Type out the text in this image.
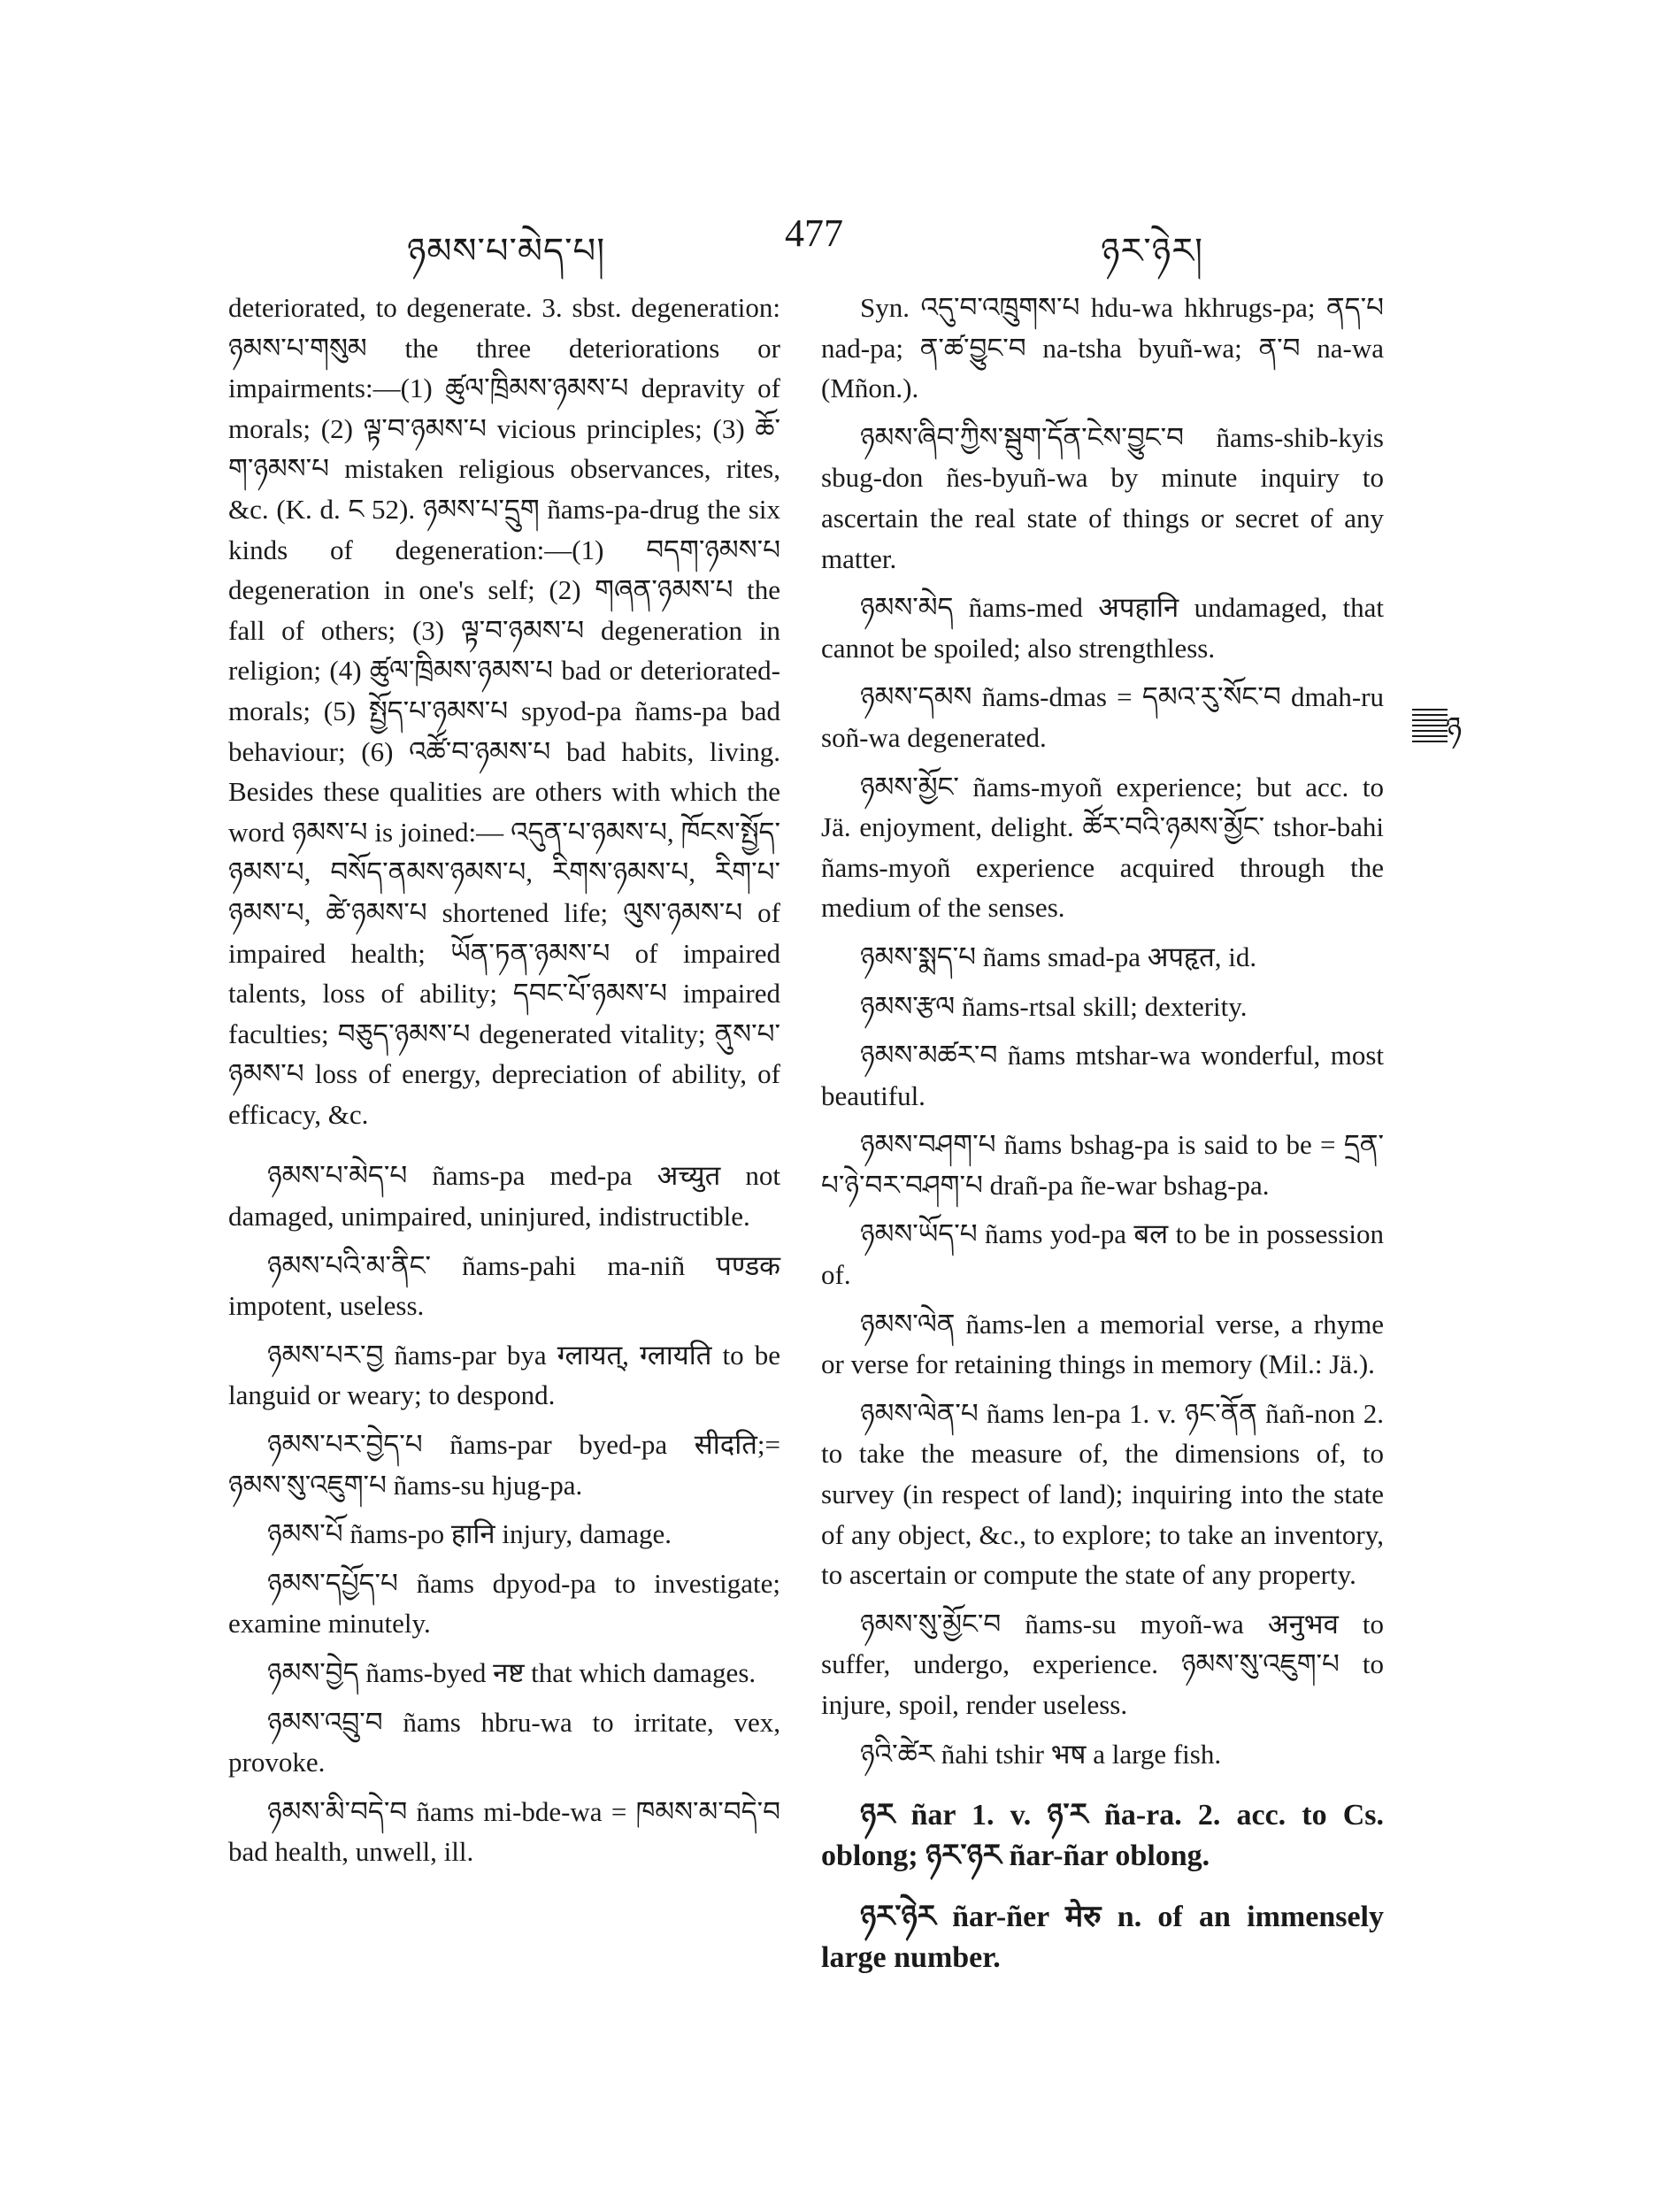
ཉམས་པ་མེད་པ།	477	ཉར་ཉེར།

deteriorated, to degenerate. 3. sbst. degeneration: ཉམས་པ་གསུམ the three deteriorations or impairments:—(1) ཚུལ་ཁྲིམས་ཉམས་པ depravity of morals; (2) ལྟ་བ་ཉམས་པ vicious principles; (3) ཆོ་ག་ཉམས་པ mistaken religious observances, rites, &c. (K. d. ང 52). ཉམས་པ་དྲུག ñams-pa-drug the six kinds of degeneration:—(1) བདག་ཉམས་པ degeneration in one's self; (2) གཞན་ཉམས་པ the fall of others; (3) ལྟ་བ་ཉམས་པ degeneration in religion; (4) ཚུལ་ཁྲིམས་ཉམས་པ bad or deteriorated-morals; (5) སྤྱོད་པ་ཉམས་པ spyod-pa ñams-pa bad behaviour; (6) འཚོ་བ་ཉམས་པ bad habits, living. Besides these qualities are others with which the word ཉམས་པ is joined:— འདུན་པ་ཉམས་པ, ཁོངས་སྤྱོད་ཉམས་པ, བསོད་ནམས་ཉམས་པ, རིགས་ཉམས་པ, རིག་པ་ཉམས་པ, ཚེ་ཉམས་པ shortened life; ལུས་ཉམས་པ of impaired health; ཡོན་ཏན་ཉམས་པ of impaired talents, loss of ability; དབང་པོ་ཉམས་པ impaired faculties; བཅུད་ཉམས་པ degenerated vitality; ནུས་པ་ཉམས་པ loss of energy, depreciation of ability, of efficacy, &c.

ཉམས་པ་མེད་པ ñams-pa med-pa अच्युत not damaged, unimpaired, uninjured, indistructible.

ཉམས་པའི་མ་ནིང་ ñams-pahi ma-niñ पण्डक impotent, useless.

ཉམས་པར་བྱ ñams-par bya ग्लायत्, ग्लायति to be languid or weary; to despond.

ཉམས་པར་བྱེད་པ ñams-par byed-pa सीदति;= ཉམས་སུ་འཇུག་པ ñams-su hjug-pa.

ཉམས་པོ ñams-po हानि injury, damage.

ཉམས་དཔྱོད་པ ñams dpyod-pa to investigate; examine minutely.

ཉམས་བྱེད ñams-byed नष्ट that which damages.

ཉམས་འབྲུ་བ ñams hbru-wa to irritate, vex, provoke.

ཉམས་མི་བདེ་བ ñams mi-bde-wa = ཁམས་མ་བདེ་བ bad health, unwell, ill.

Syn. འདུ་བ་འཁྲུགས་པ hdu-wa hkhrugs-pa; ནད་པ nad-pa; ན་ཚ་བྱུང་བ na-tsha byuñ-wa; ན་བ na-wa (Mñon.).

ཉམས་ཞིབ་ཀྱིས་སྦུག་དོན་ངེས་བྱུང་བ ñams-shib-kyis sbug-don ñes-byuñ-wa by minute inquiry to ascertain the real state of things or secret of any matter.

ཉམས་མེད ñams-med अपहानि undamaged, that cannot be spoiled; also strengthless.

ཉམས་དམས ñams-dmas = དམའ་རུ་སོང་བ dmah-ru soñ-wa degenerated.

ཉམས་མྱོང་ ñams-myoñ experience; but acc. to Jä. enjoyment, delight. ཚོར་བའི་ཉམས་མྱོང་ tshor-bahi ñams-myoñ experience acquired through the medium of the senses.

ཉམས་སྨད་པ ñams smad-pa अपहृत, id.

ཉམས་རྩལ ñams-rtsal skill; dexterity.

ཉམས་མཚར་བ ñams mtshar-wa wonderful, most beautiful.

ཉམས་བཤག་པ ñams bshag-pa is said to be = དྲན་པ་ཉེ་བར་བཤག་པ drañ-pa ñe-war bshag-pa.

ཉམས་ཡོད་པ ñams yod-pa बल to be in possession of.

ཉམས་ལེན ñams-len a memorial verse, a rhyme or verse for retaining things in memory (Mil.: Jä.).

ཉམས་ལེན་པ ñams len-pa 1. v. ཉང་ནོན ñañ-non 2. to take the measure of, the dimensions of, to survey (in respect of land); inquiring into the state of any object, &c., to explore; to take an inventory, to ascertain or compute the state of any property.

ཉམས་སུ་མྱོང་བ ñams-su myoñ-wa अनुभव to suffer, undergo, experience. ཉམས་སུ་འཇུག་པ to injure, spoil, render useless.

ཉའི་ཚེར ñahi tshir भष a large fish.

ཉར ñar 1. v. ཉ་ར ña-ra. 2. acc. to Cs. oblong; ཉར་ཉར ñar-ñar oblong.

ཉར་ཉེར ñar-ñer मेरु n. of an immensely large number.

ཉ
